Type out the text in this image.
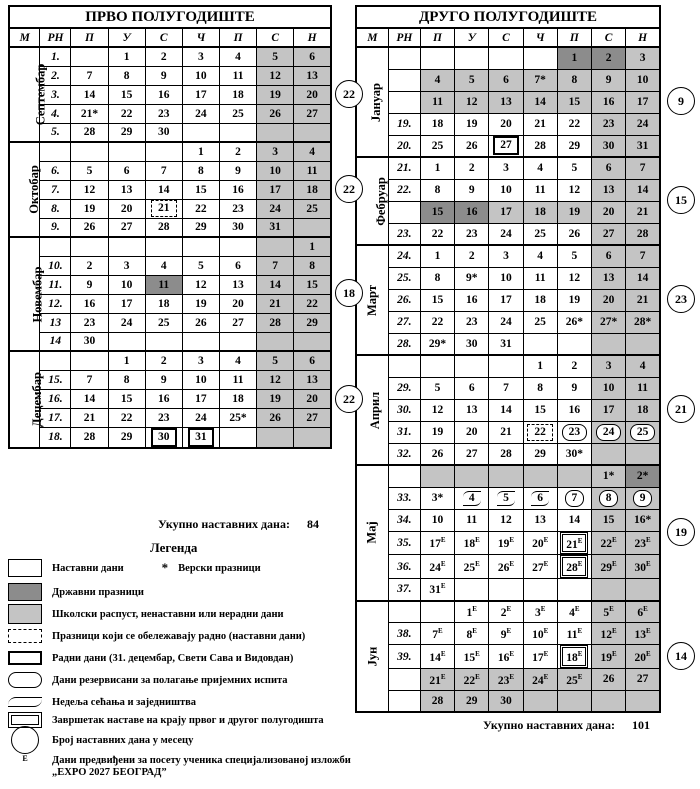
ПРВО ПОЛУГОДИШТЕ
М	РН	П	У	С	Ч	П	С	Н
Септембар	1.		1	2	3	4	5	6
	2.	7	8	9	10	11	12	13
	3.	14	15	16	17	18	19	20
	4.	21*	22	23	24	25	26	27
	5.	28	29	30				
Октобар					1	2	3	4
	6.	5	6	7	8	9	10	11
	7.	12	13	14	15	16	17	18
	8.	19	20	21	22	23	24	25
	9.	26	27	28	29	30	31	
Новембар								1
	10.	2	3	4	5	6	7	8
	11.	9	10	11	12	13	14	15
	12.	16	17	18	19	20	21	22
	13	23	24	25	26	27	28	29
	14	30						
Децембар			1	2	3	4	5	6
	15.	7	8	9	10	11	12	13
	16.	14	15	16	17	18	19	20
	17.	21	22	23	24	25*	26	27
	18.	28	29	30	31			
ДРУГО ПОЛУГОДИШТЕ
М	РН	П	У	С	Ч	П	С	Н
Јануар						1	2	3
		4	5	6	7*	8	9	10
		11	12	13	14	15	16	17
	19.	18	19	20	21	22	23	24
	20.	25	26	27	28	29	30	31
Фебруар	21.	1	2	3	4	5	6	7
	22.	8	9	10	11	12	13	14
		15	16	17	18	19	20	21
	23.	22	23	24	25	26	27	28
Март	24.	1	2	3	4	5	6	7
	25.	8	9*	10	11	12	13	14
	26.	15	16	17	18	19	20	21
	27.	22	23	24	25	26*	27*	28*
	28.	29*	30	31				
Април					1	2	3	4
	29.	5	6	7	8	9	10	11
	30.	12	13	14	15	16	17	18
	31.	19	20	21	22	23	24	25
	32.	26	27	28	29	30*		
Мај							1*	2*
	33.	3*	4	5	6	7	8	9
	34.	10	11	12	13	14	15	16*
	35.	$17^E$	$18^E$	$19^E$	$20^E$	$21^E$	$22^E$	$23^E$
	36.	$24^E$	$25^E$	$26^E$	$27^E$	$28^E$	$29^E$	$30^E$
	37.	$31^E$						
Јун			$1^E$	$2^E$	$3^E$	$4^E$	$5^E$	$6^E$
	38.	$7^E$	$8^E$	$9^E$	$10^E$	$11^E$	$12^E$	$13^E$
	39.	$14^E$	$15^E$	$16^E$	$17^E$	$18^E$	$19^E$	$20^E$
		$21^E$	$22^E$	$23^E$	$24^E$	$25^E$	26	27
		28	29	30				
22
22
18
22
9
15
23
21
19
14
Укупно наставних дана: 84
Укупно наставних дана: 101
Легенда
Наставни дани	* Верски празници
Државни празници
Школски распуст, ненаставни или нерадни дани
Празници који се обележавају радно (наставни дани)
Радни дани (31. децембар, Свети Сава и Видовдан)
Дани резервисани за полагање пријемних испита
Недеља сећања и заједништва
Завршетак наставе на крају првог и другог полугодишта
Број наставних дана у месецу
E	Дани предвиђени за посету ученика специјализованој изложби „EXPO 2027 БЕОГРАД”
